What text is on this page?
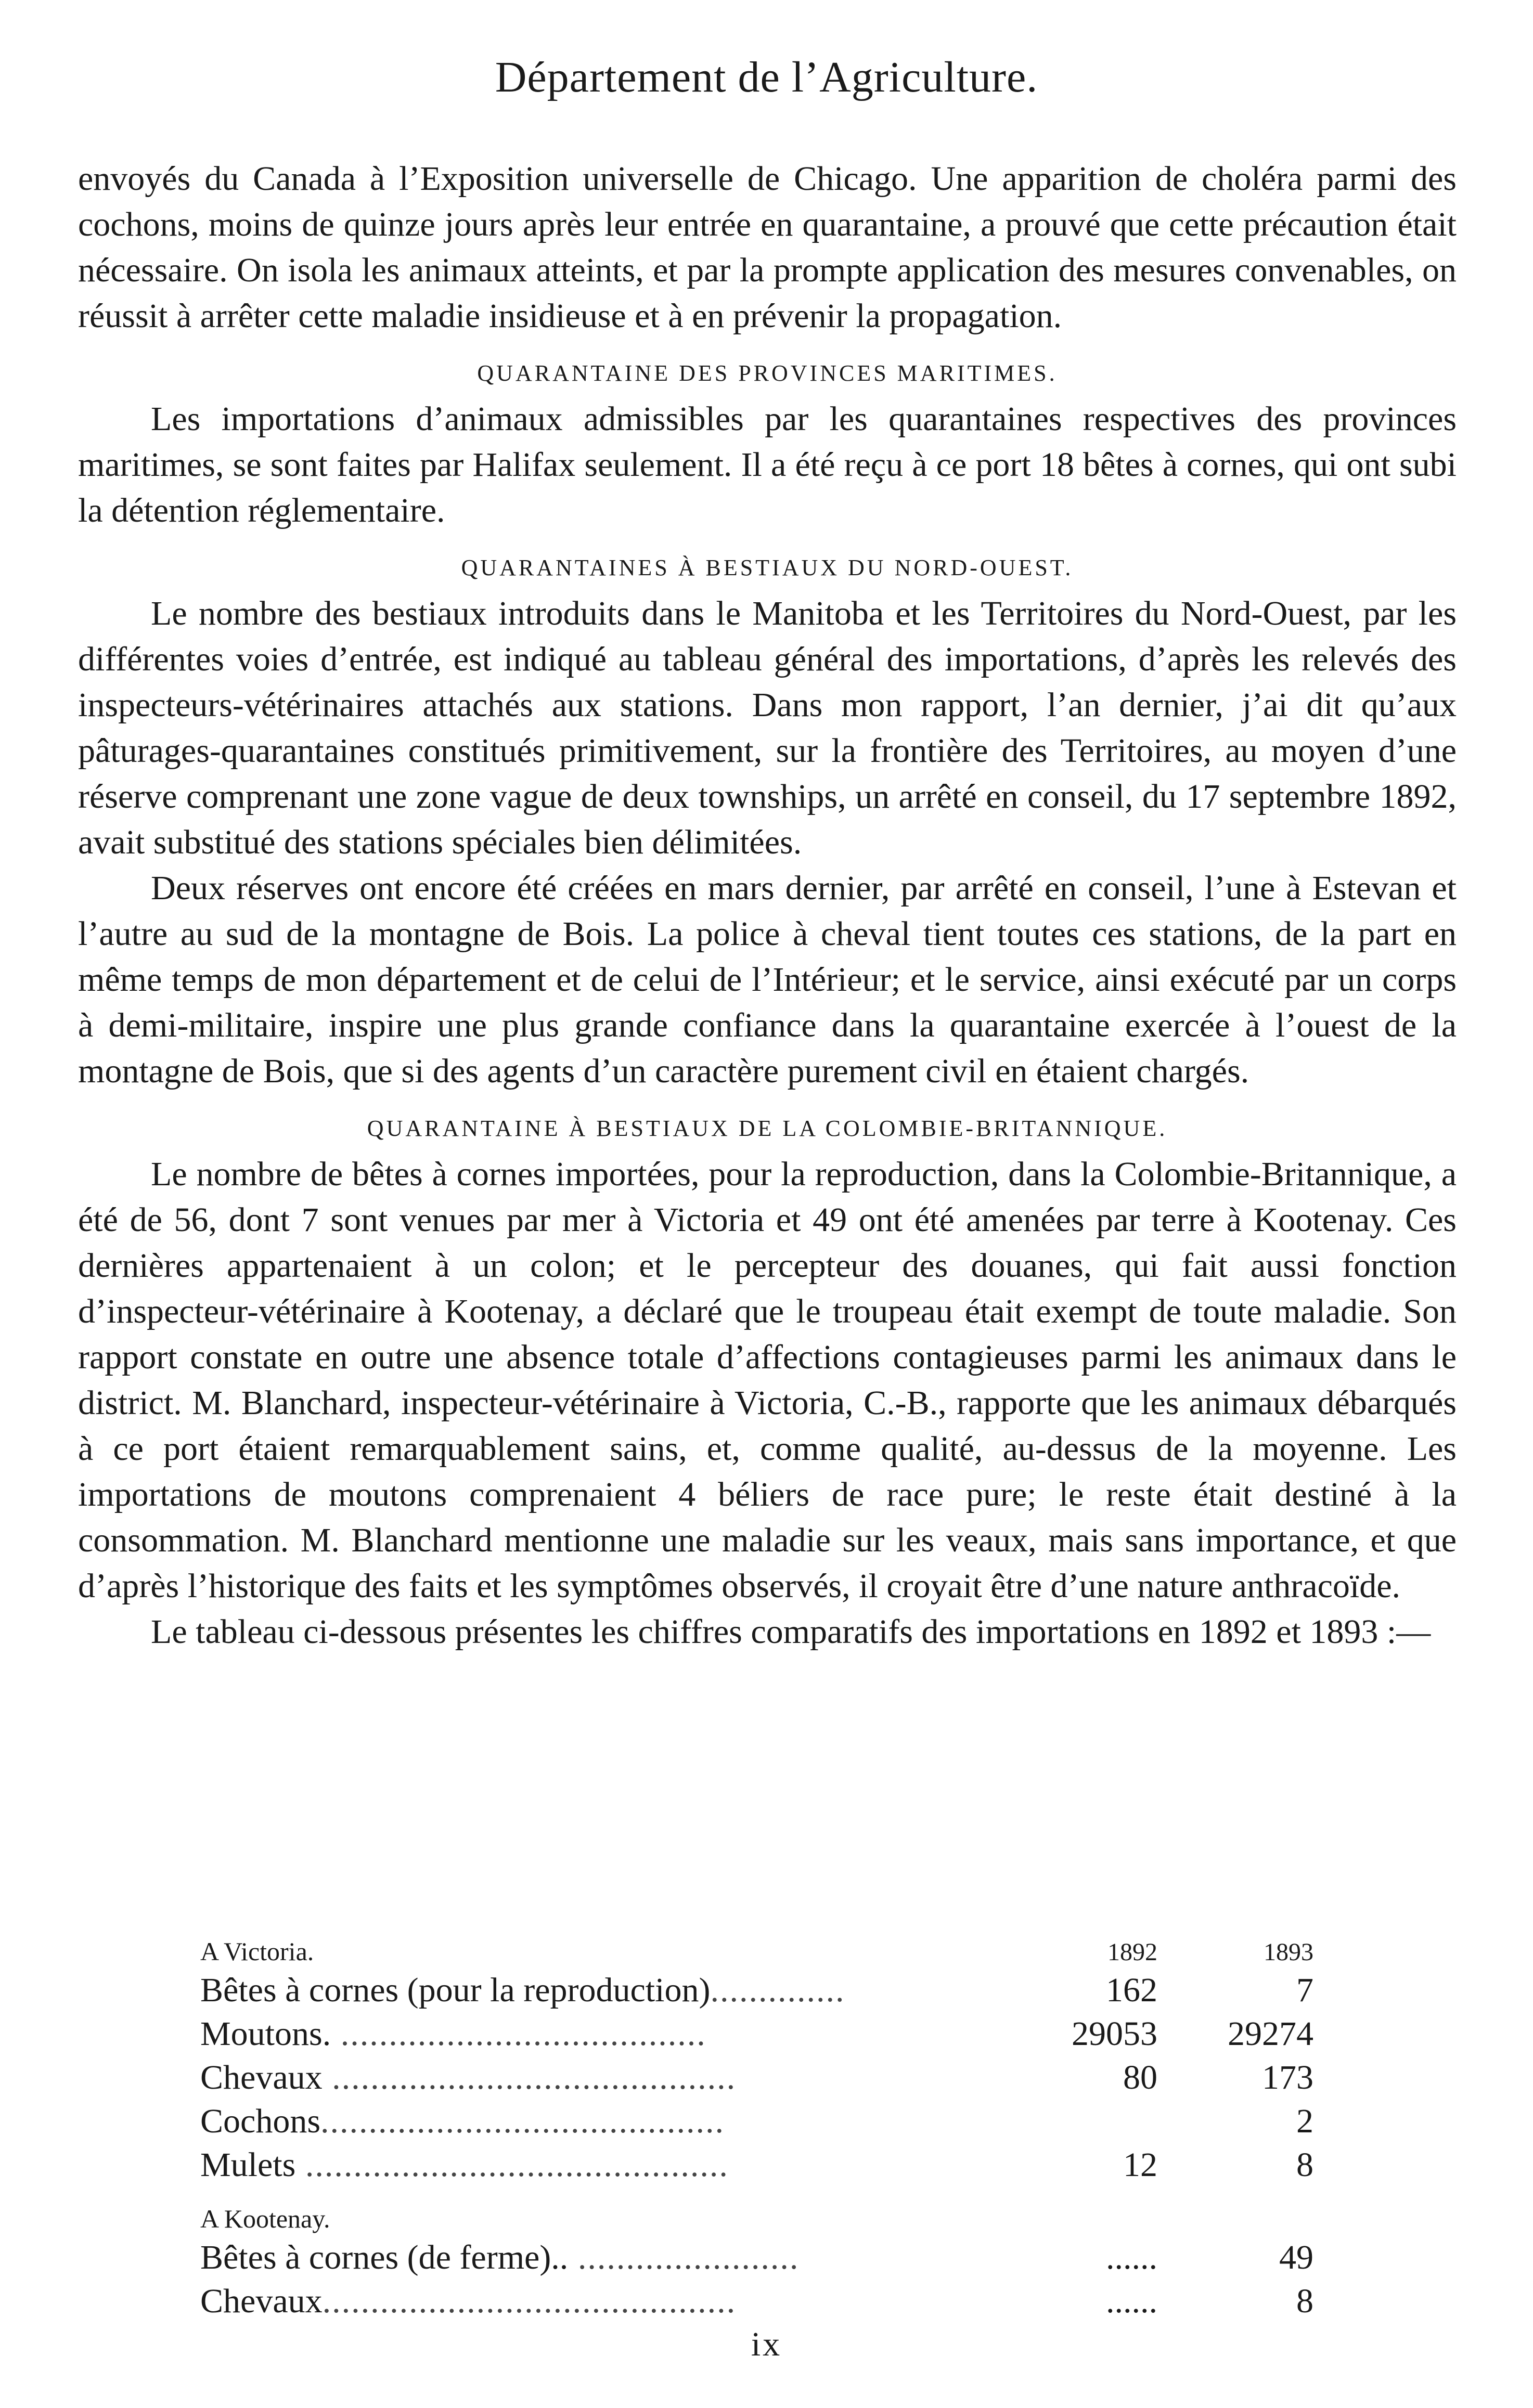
Département de l’Agriculture.

envoyés du Canada à l’Exposition universelle de Chicago. Une apparition de choléra parmi des cochons, moins de quinze jours après leur entrée en quarantaine, a prouvé que cette précaution était nécessaire. On isola les animaux atteints, et par la prompte application des mesures convenables, on réussit à arrêter cette maladie insidieuse et à en prévenir la propagation.

QUARANTAINE DES PROVINCES MARITIMES.

Les importations d’animaux admissibles par les quarantaines respectives des provinces maritimes, se sont faites par Halifax seulement. Il a été reçu à ce port 18 bêtes à cornes, qui ont subi la détention réglementaire.

QUARANTAINES À BESTIAUX DU NORD-OUEST.

Le nombre des bestiaux introduits dans le Manitoba et les Territoires du Nord-Ouest, par les différentes voies d’entrée, est indiqué au tableau général des importations, d’après les relevés des inspecteurs-vétérinaires attachés aux stations. Dans mon rapport, l’an dernier, j’ai dit qu’aux pâturages-quarantaines constitués primitivement, sur la frontière des Territoires, au moyen d’une réserve comprenant une zone vague de deux townships, un arrêté en conseil, du 17 septembre 1892, avait substitué des stations spéciales bien délimitées.

Deux réserves ont encore été créées en mars dernier, par arrêté en conseil, l’une à Estevan et l’autre au sud de la montagne de Bois. La police à cheval tient toutes ces stations, de la part en même temps de mon département et de celui de l’Intérieur; et le service, ainsi exécuté par un corps à demi-militaire, inspire une plus grande confiance dans la quarantaine exercée à l’ouest de la montagne de Bois, que si des agents d’un caractère purement civil en étaient chargés.

QUARANTAINE À BESTIAUX DE LA COLOMBIE-BRITANNIQUE.

Le nombre de bêtes à cornes importées, pour la reproduction, dans la Colombie-Britannique, a été de 56, dont 7 sont venues par mer à Victoria et 49 ont été amenées par terre à Kootenay. Ces dernières appartenaient à un colon; et le percepteur des douanes, qui fait aussi fonction d’inspecteur-vétérinaire à Kootenay, a déclaré que le troupeau était exempt de toute maladie. Son rapport constate en outre une absence totale d’affections contagieuses parmi les animaux dans le district. M. Blanchard, inspecteur-vétérinaire à Victoria, C.-B., rapporte que les animaux débarqués à ce port étaient remarquablement sains, et, comme qualité, au-dessus de la moyenne. Les importations de moutons comprenaient 4 béliers de race pure; le reste était destiné à la consommation. M. Blanchard mentionne une maladie sur les veaux, mais sans importance, et que d’après l’historique des faits et les symptômes observés, il croyait être d’une nature anthracoïde.

Le tableau ci-dessous présentes les chiffres comparatifs des importations en 1892 et 1893 :—

A Victoria.	1892	1893
Bêtes à cornes (pour la reproduction)..............	162	7
Moutons. ......................................	29053	29274
Chevaux ..........................................	80	173
Cochons..........................................		2
Mulets ............................................	12	8
A Kootenay.		
Bêtes à cornes (de ferme).. .......................	......	49
Chevaux...........................................	......	8
ix
